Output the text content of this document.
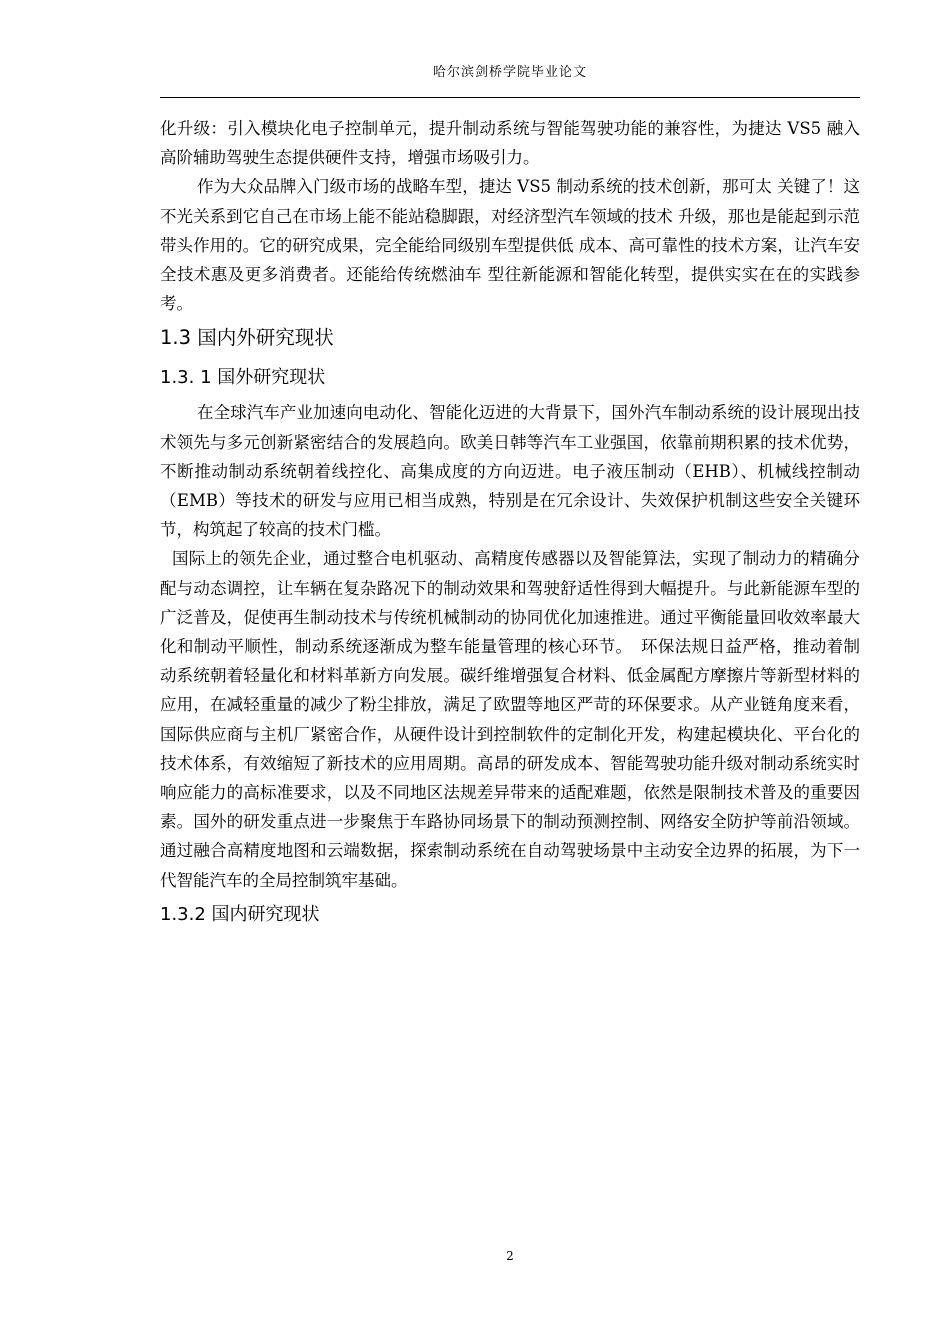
哈尔滨剑桥学院毕业论文

化升级：引入模块化电子控制单元，提升制动系统与智能驾驶功能的兼容性，为捷达 VS5 融入高阶辅助驾驶生态提供硬件支持，增强市场吸引力。

作为大众品牌入门级市场的战略车型，捷达 VS5 制动系统的技术创新，那可太 关键了！这不光关系到它自己在市场上能不能站稳脚跟，对经济型汽车领域的技术 升级，那也是能起到示范带头作用的。它的研究成果，完全能给同级别车型提供低 成本、高可靠性的技术方案，让汽车安全技术惠及更多消费者。还能给传统燃油车 型往新能源和智能化转型，提供实实在在的实践参考。

1.3 国内外研究现状
1.3. 1 国外研究现状

在全球汽车产业加速向电动化、智能化迈进的大背景下，国外汽车制动系统的设计展现出技术领先与多元创新紧密结合的发展趋向。欧美日韩等汽车工业强国，依靠前期积累的技术优势，不断推动制动系统朝着线控化、高集成度的方向迈进。电子液压制动（EHB）、机械线控制动（EMB）等技术的研发与应用已相当成熟，特别是在冗余设计、失效保护机制这些安全关键环节，构筑起了较高的技术门槛。

国际上的领先企业，通过整合电机驱动、高精度传感器以及智能算法，实现了制动力的精确分配与动态调控，让车辆在复杂路况下的制动效果和驾驶舒适性得到大幅提升。与此新能源车型的广泛普及，促使再生制动技术与传统机械制动的协同优化加速推进。通过平衡能量回收效率最大化和制动平顺性，制动系统逐渐成为整车能量管理的核心环节。　环保法规日益严格，推动着制动系统朝着轻量化和材料革新方向发展。碳纤维增强复合材料、低金属配方摩擦片等新型材料的应用，在减轻重量的减少了粉尘排放，满足了欧盟等地区严苛的环保要求。从产业链角度来看，国际供应商与主机厂紧密合作，从硬件设计到控制软件的定制化开发，构建起模块化、平台化的技术体系，有效缩短了新技术的应用周期。高昂的研发成本、智能驾驶功能升级对制动系统实时响应能力的高标准要求，以及不同地区法规差异带来的适配难题，依然是限制技术普及的重要因素。国外的研发重点进一步聚焦于车路协同场景下的制动预测控制、网络安全防护等前沿领域。通过融合高精度地图和云端数据，探索制动系统在自动驾驶场景中主动安全边界的拓展，为下一代智能汽车的全局控制筑牢基础。

1.3.2 国内研究现状
2
